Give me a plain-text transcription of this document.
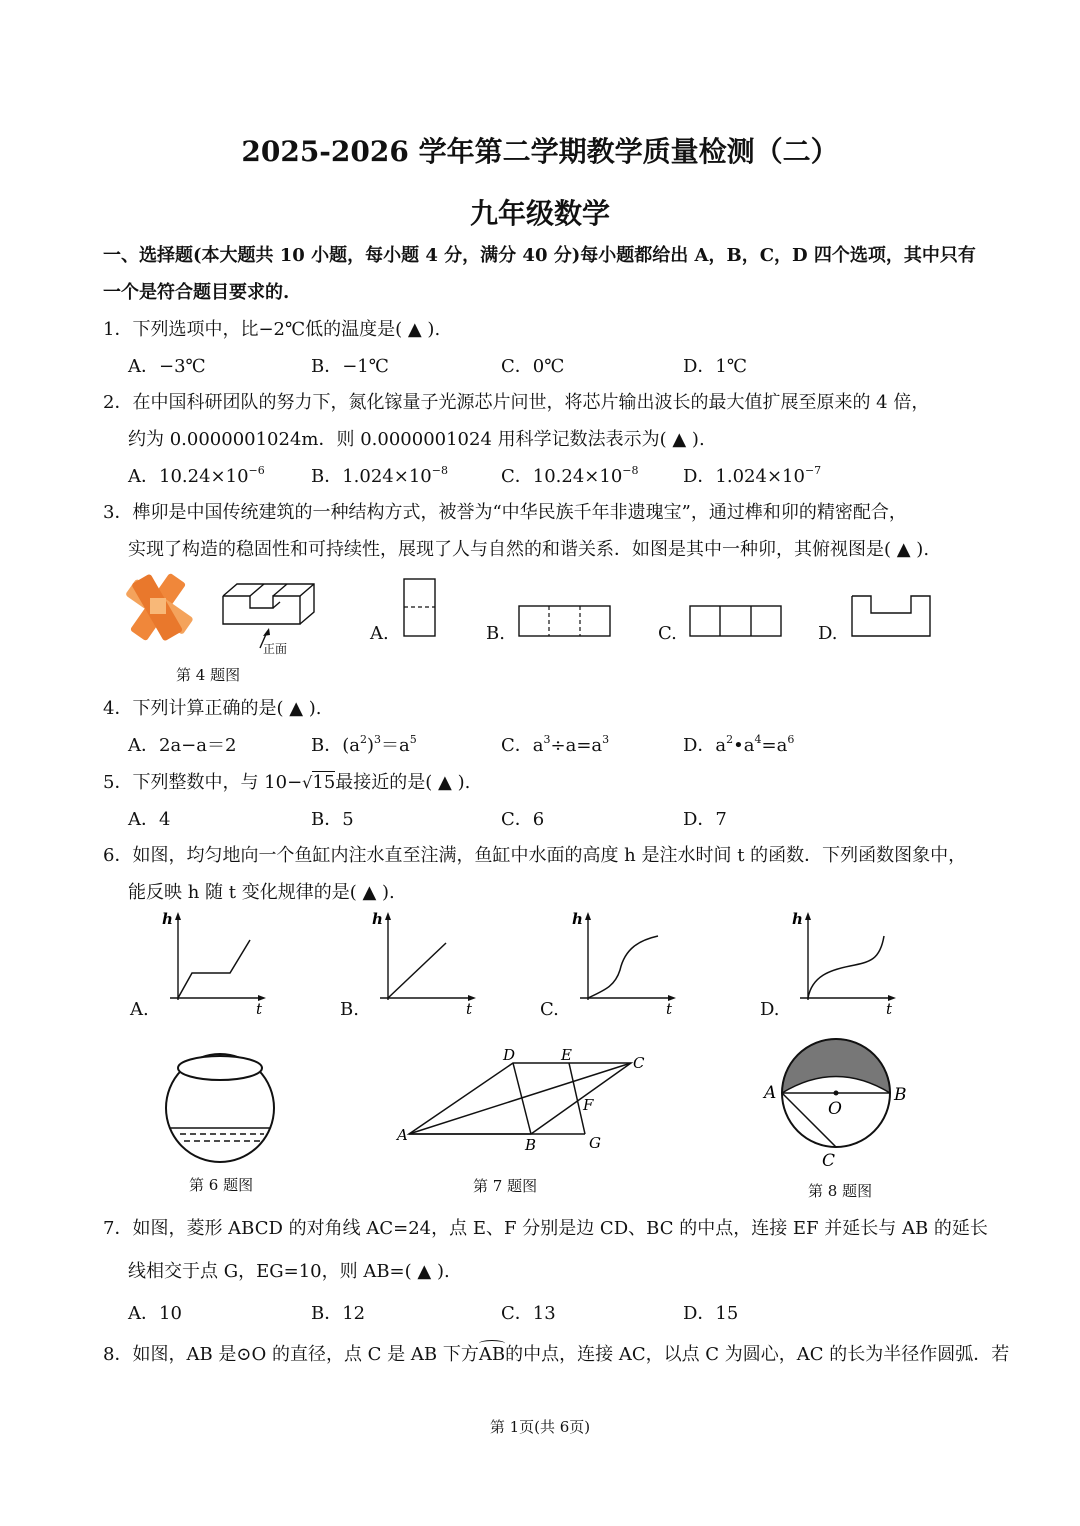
2025-2026 学年第二学期教学质量检测（二）
九年级数学
一、选择题(本大题共 10 小题，每小题 4 分，满分 40 分)每小题都给出 A，B，C，D 四个选项，其中只有
一个是符合题目要求的.
1．下列选项中，比−2℃低的温度是( ▲ ).
A．−3℃	B．−1℃	C．0℃	D．1℃
2．在中国科研团队的努力下，氮化镓量子光源芯片问世，将芯片输出波长的最大值扩展至原来的 4 倍，
约为 0.0000001024m．则 0.0000001024 用科学记数法表示为( ▲ ).
A．$10.24\times 10^{-6}$	B．$1.024\times 10^{-8}$	C．$10.24\times 10^{-8}$ D．$1.024\times 10^{-7}$
3．榫卯是中国传统建筑的一种结构方式，被誉为“中华民族千年非遗瑰宝”，通过榫和卯的精密配合，
实现了构造的稳固性和可持续性，展现了人与自然的和谐关系．如图是其中一种卯，其俯视图是( ▲ ).
正面
第 4 题图
A.	B.	C.	D.
4．下列计算正确的是( ▲ ).
A．2a−a＝2	B．$(a^2)^3=a^5$	C．$a^3\div a=a^3$	D．$a^2•a^4=a^6$
5．下列整数中，与 10−√15最接近的是( ▲ ).
A．4	B．5	C．6	D．7
6．如图，均匀地向一个鱼缸内注水直至注满，鱼缸中水面的高度 h 是注水时间 t 的函数．下列函数图象中，
能反映 h 随 t 变化规律的是( ▲ ).
A.
h
t	B.
h
t	C.
h
t	D.
h
t
第 6 题图
A
B
C
D	E
F
G
第 7 题图
A	B
C
O
第 8 题图
7．如图，菱形 ABCD 的对角线 AC=24，点 E、F 分别是边 CD、BC 的中点，连接 EF 并延长与 AB 的延长
线相交于点 G，EG=10，则 AB=( ▲ ).
A．10	B．12	C．13	D．15
8．如图，AB 是⊙O 的直径，点 C 是 AB 下方
AB的中点，连接 AC，以点 C 为圆心，AC 的长为半径作圆弧．若
第 1页(共 6页)
